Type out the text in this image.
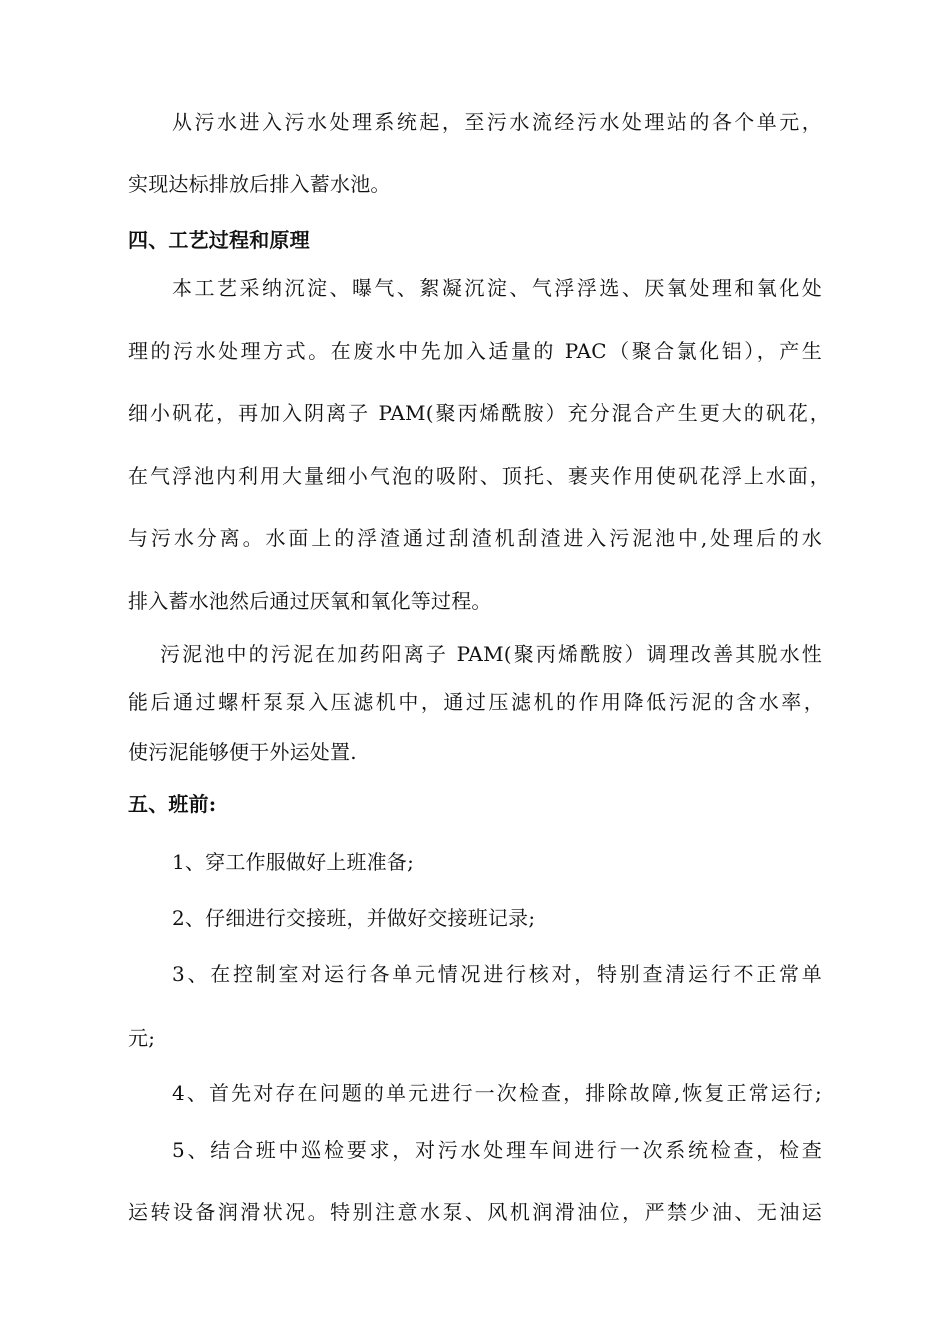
从污水进入污水处理系统起，至污水流经污水处理站的各个单元，
实现达标排放后排入蓄水池。
四、工艺过程和原理
本工艺采纳沉淀、曝气、絮凝沉淀、气浮浮选、厌氧处理和氧化处
理的污水处理方式。在废水中先加入适量的 PAC（聚合氯化铝），产生
细小矾花，再加入阴离子 PAM(聚丙烯酰胺）充分混合产生更大的矾花，
在气浮池内利用大量细小气泡的吸附、顶托、裹夹作用使矾花浮上水面，
与污水分离。水面上的浮渣通过刮渣机刮渣进入污泥池中,处理后的水
排入蓄水池然后通过厌氧和氧化等过程。
污泥池中的污泥在加药阳离子 PAM(聚丙烯酰胺）调理改善其脱水性
能后通过螺杆泵泵入压滤机中，通过压滤机的作用降低污泥的含水率，
使污泥能够便于外运处置.
五、班前:
1、穿工作服做好上班准备;
2、仔细进行交接班，并做好交接班记录;
3、在控制室对运行各单元情况进行核对，特别查清运行不正常单
元;
4、首先对存在问题的单元进行一次检查，排除故障,恢复正常运行;
5、结合班中巡检要求，对污水处理车间进行一次系统检查，检查
运转设备润滑状况。特别注意水泵、风机润滑油位，严禁少油、无油运
